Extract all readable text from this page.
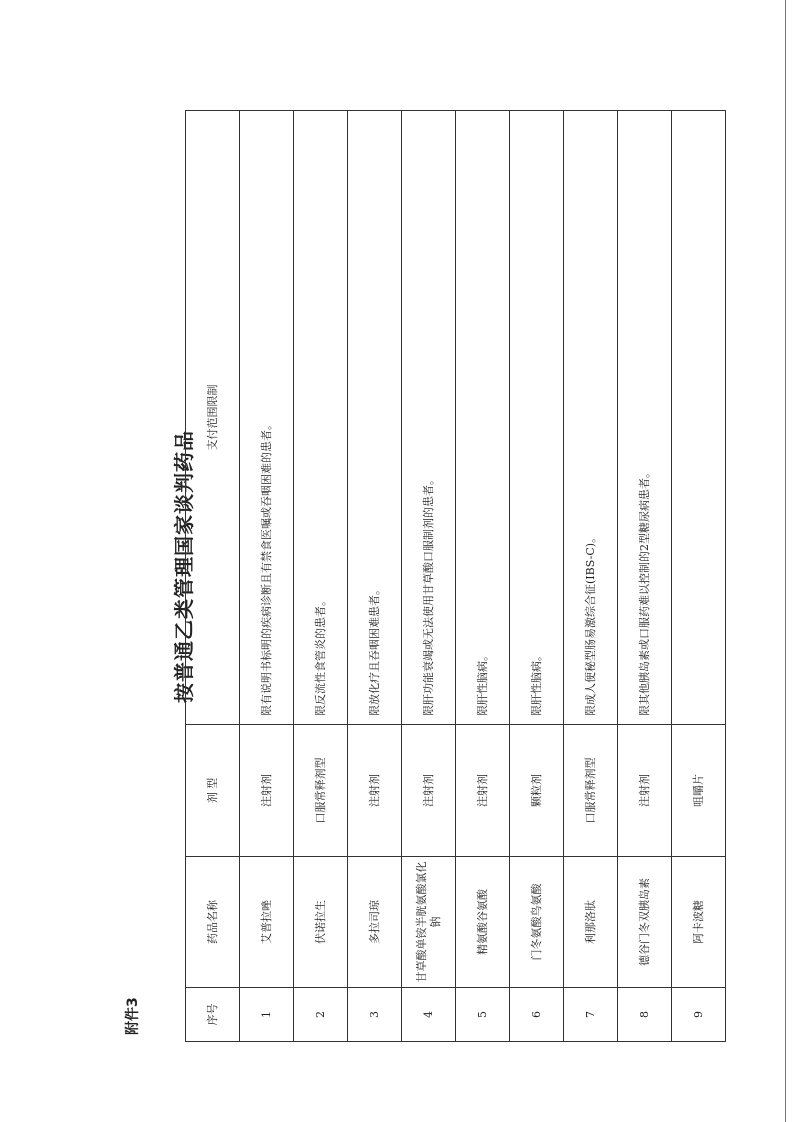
附件3
按普通乙类管理国家谈判药品
序号	药品名称	剂 型	支付范围限制
1	艾普拉唑	注射剂	限有说明书标明的疾病诊断且有禁食医嘱或吞咽困难的患者。
2	伏诺拉生	口服常释剂型	限反流性食管炎的患者。
3	多拉司琼	注射剂	限放化疗且吞咽困难患者。
4	甘草酸单铵半胱氨酸氯化钠	注射剂	限肝功能衰竭或无法使用甘草酸口服制剂的患者。
5	精氨酸谷氨酸	注射剂	限肝性脑病。
6	门冬氨酸鸟氨酸	颗粒剂	限肝性脑病。
7	利那洛肽	口服常释剂型	限成人便秘型肠易激综合征(IBS-C)。
8	德谷门冬双胰岛素	注射剂	限其他胰岛素或口服药难以控制的2型糖尿病患者。
9	阿卡波糖	咀嚼片	
